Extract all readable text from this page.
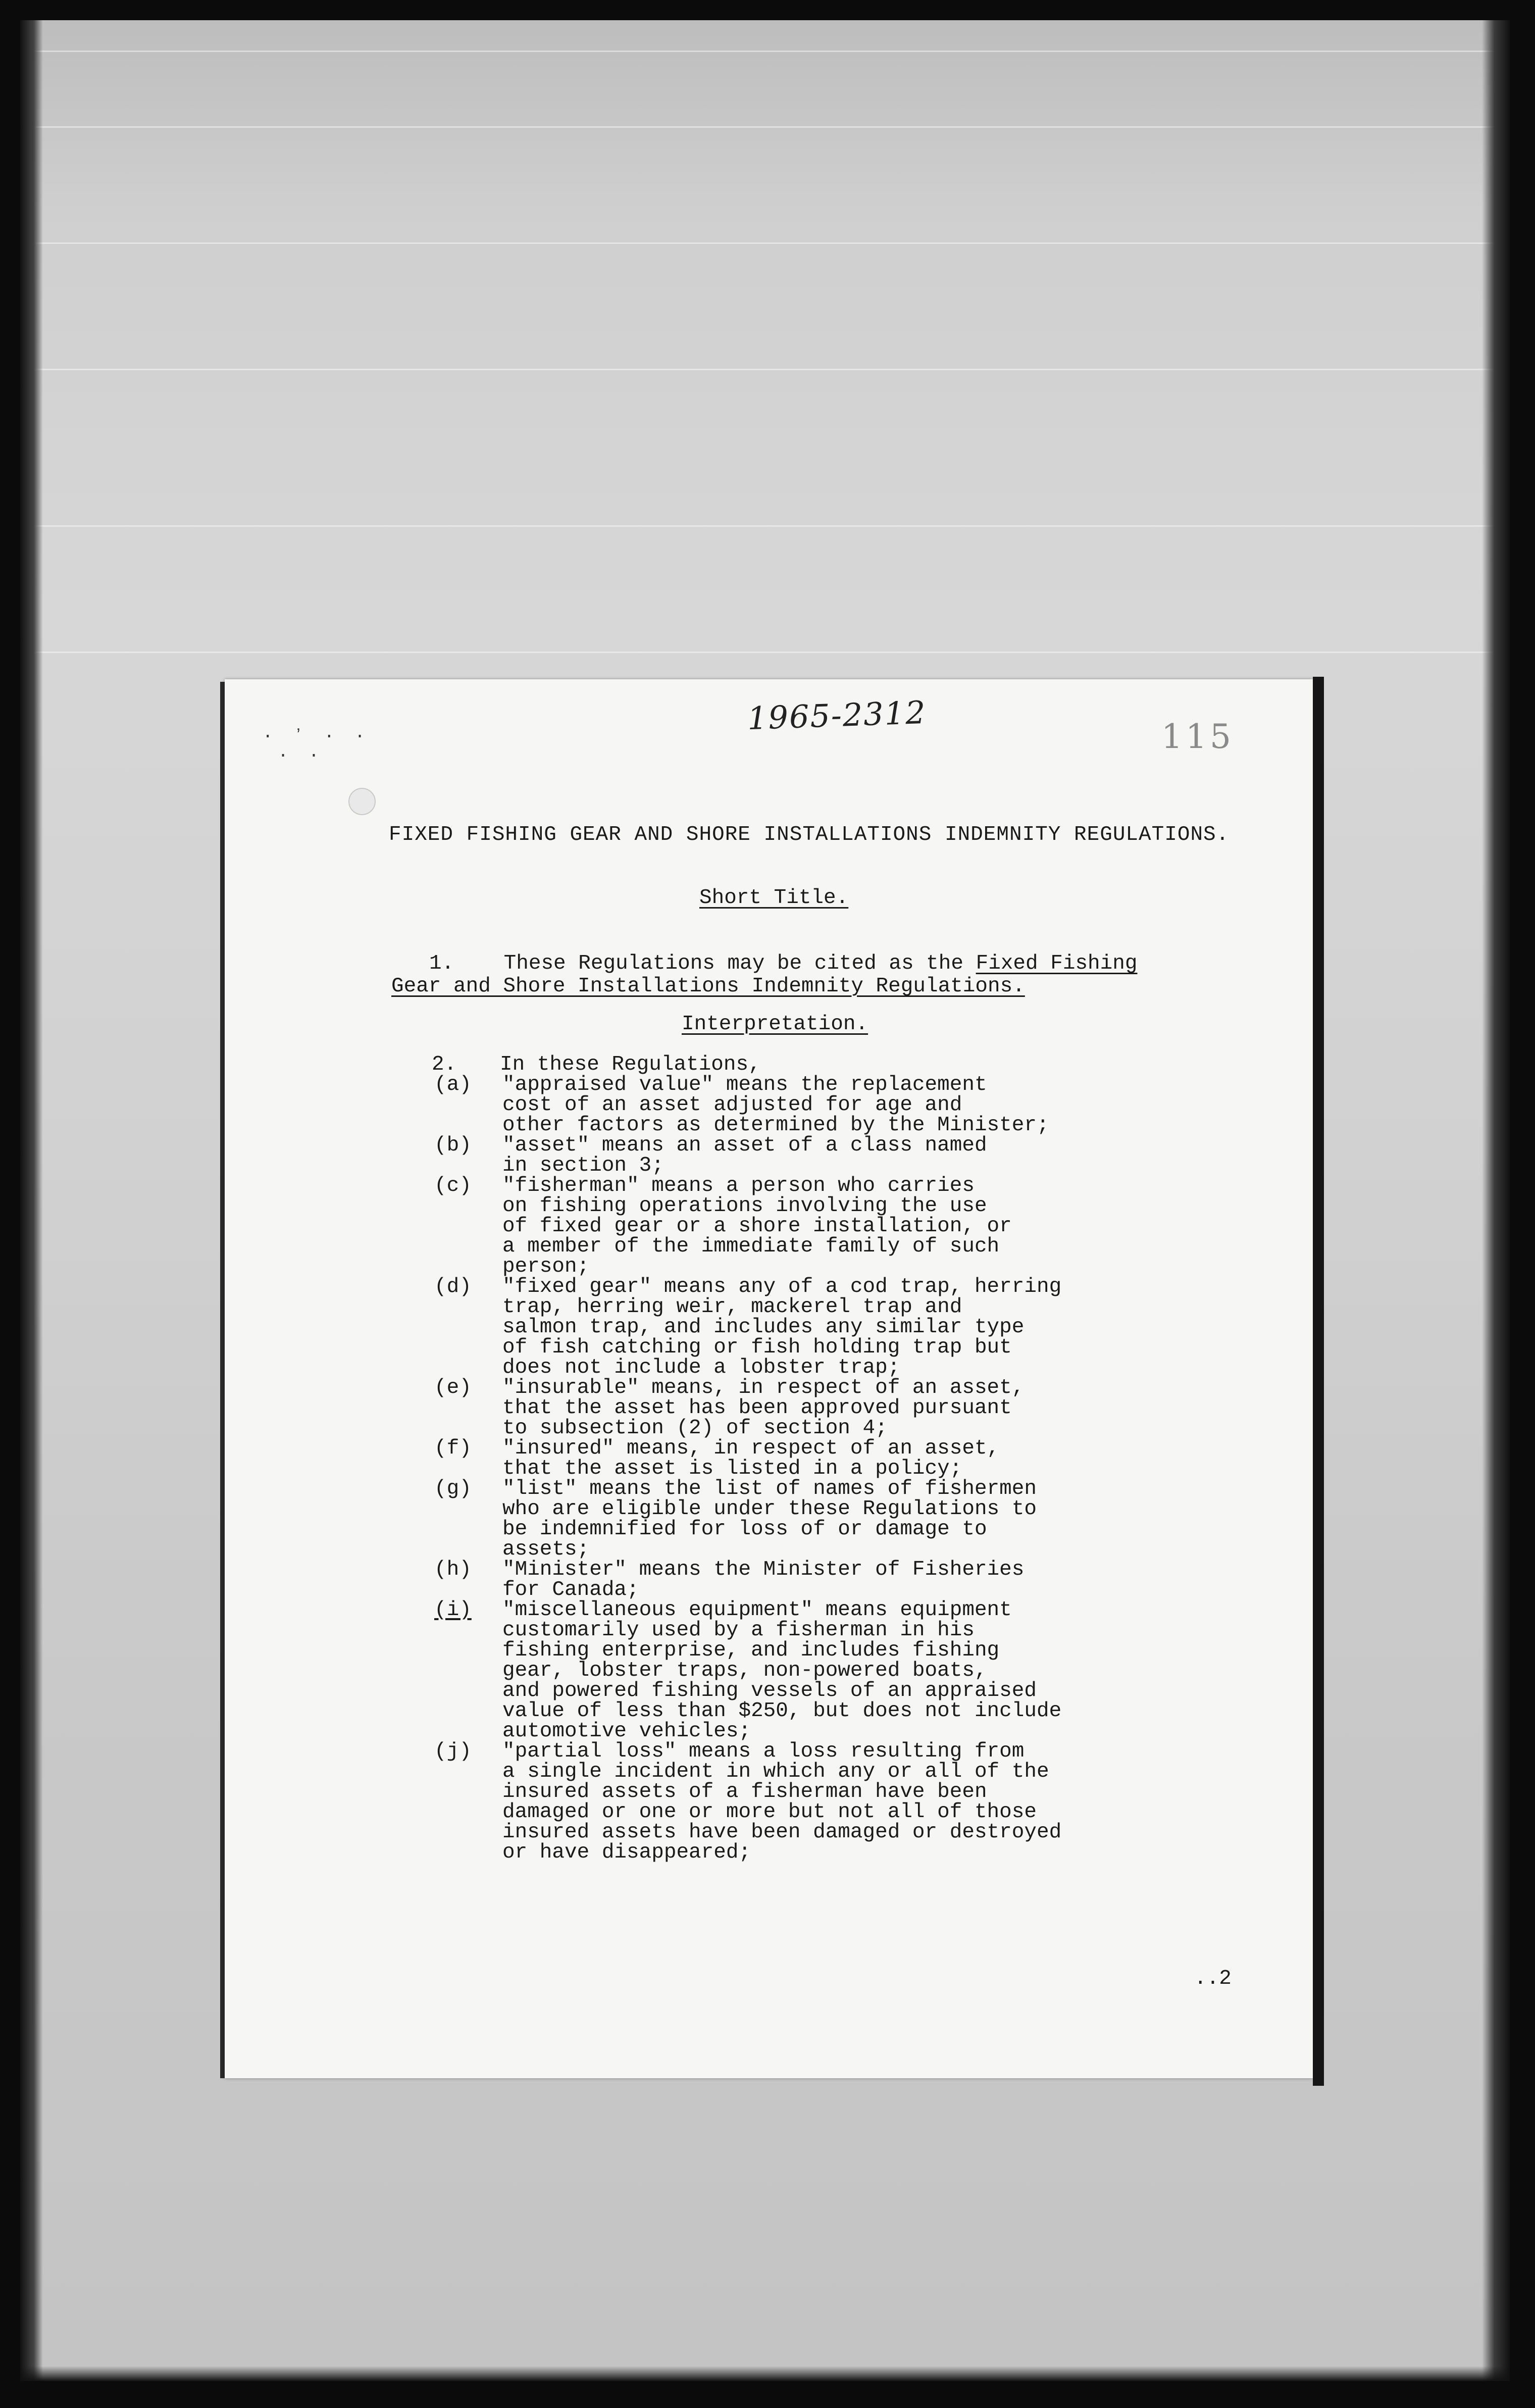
· ʼ · ·
· ·
1965-2312	115
FIXED FISHING GEAR AND SHORE INSTALLATIONS INDEMNITY REGULATIONS.
Short Title.
1. These Regulations may be cited as the Fixed Fishing
Gear and Shore Installations Indemnity Regulations.
Interpretation.
2. In these Regulations,
(a)	"appraised value" means the replacement
cost of an asset adjusted for age and
other factors as determined by the Minister;
(b)	"asset" means an asset of a class named
in section 3;
(c)	"fisherman" means a person who carries
on fishing operations involving the use
of fixed gear or a shore installation, or
a member of the immediate family of such
person;
(d)	"fixed gear" means any of a cod trap, herring
trap, herring weir, mackerel trap and
salmon trap, and includes any similar type
of fish catching or fish holding trap but
does not include a lobster trap;
(e)	"insurable" means, in respect of an asset,
that the asset has been approved pursuant
to subsection (2) of section 4;
(f)	"insured" means, in respect of an asset,
that the asset is listed in a policy;
(g)	"list" means the list of names of fishermen
who are eligible under these Regulations to
be indemnified for loss of or damage to
assets;
(h)	"Minister" means the Minister of Fisheries
for Canada;
(i)	"miscellaneous equipment" means equipment
customarily used by a fisherman in his
fishing enterprise, and includes fishing
gear, lobster traps, non-powered boats,
and powered fishing vessels of an appraised
value of less than $250, but does not include
automotive vehicles;
(j)	"partial loss" means a loss resulting from
a single incident in which any or all of the
insured assets of a fisherman have been
damaged or one or more but not all of those
insured assets have been damaged or destroyed
or have disappeared;
..2
